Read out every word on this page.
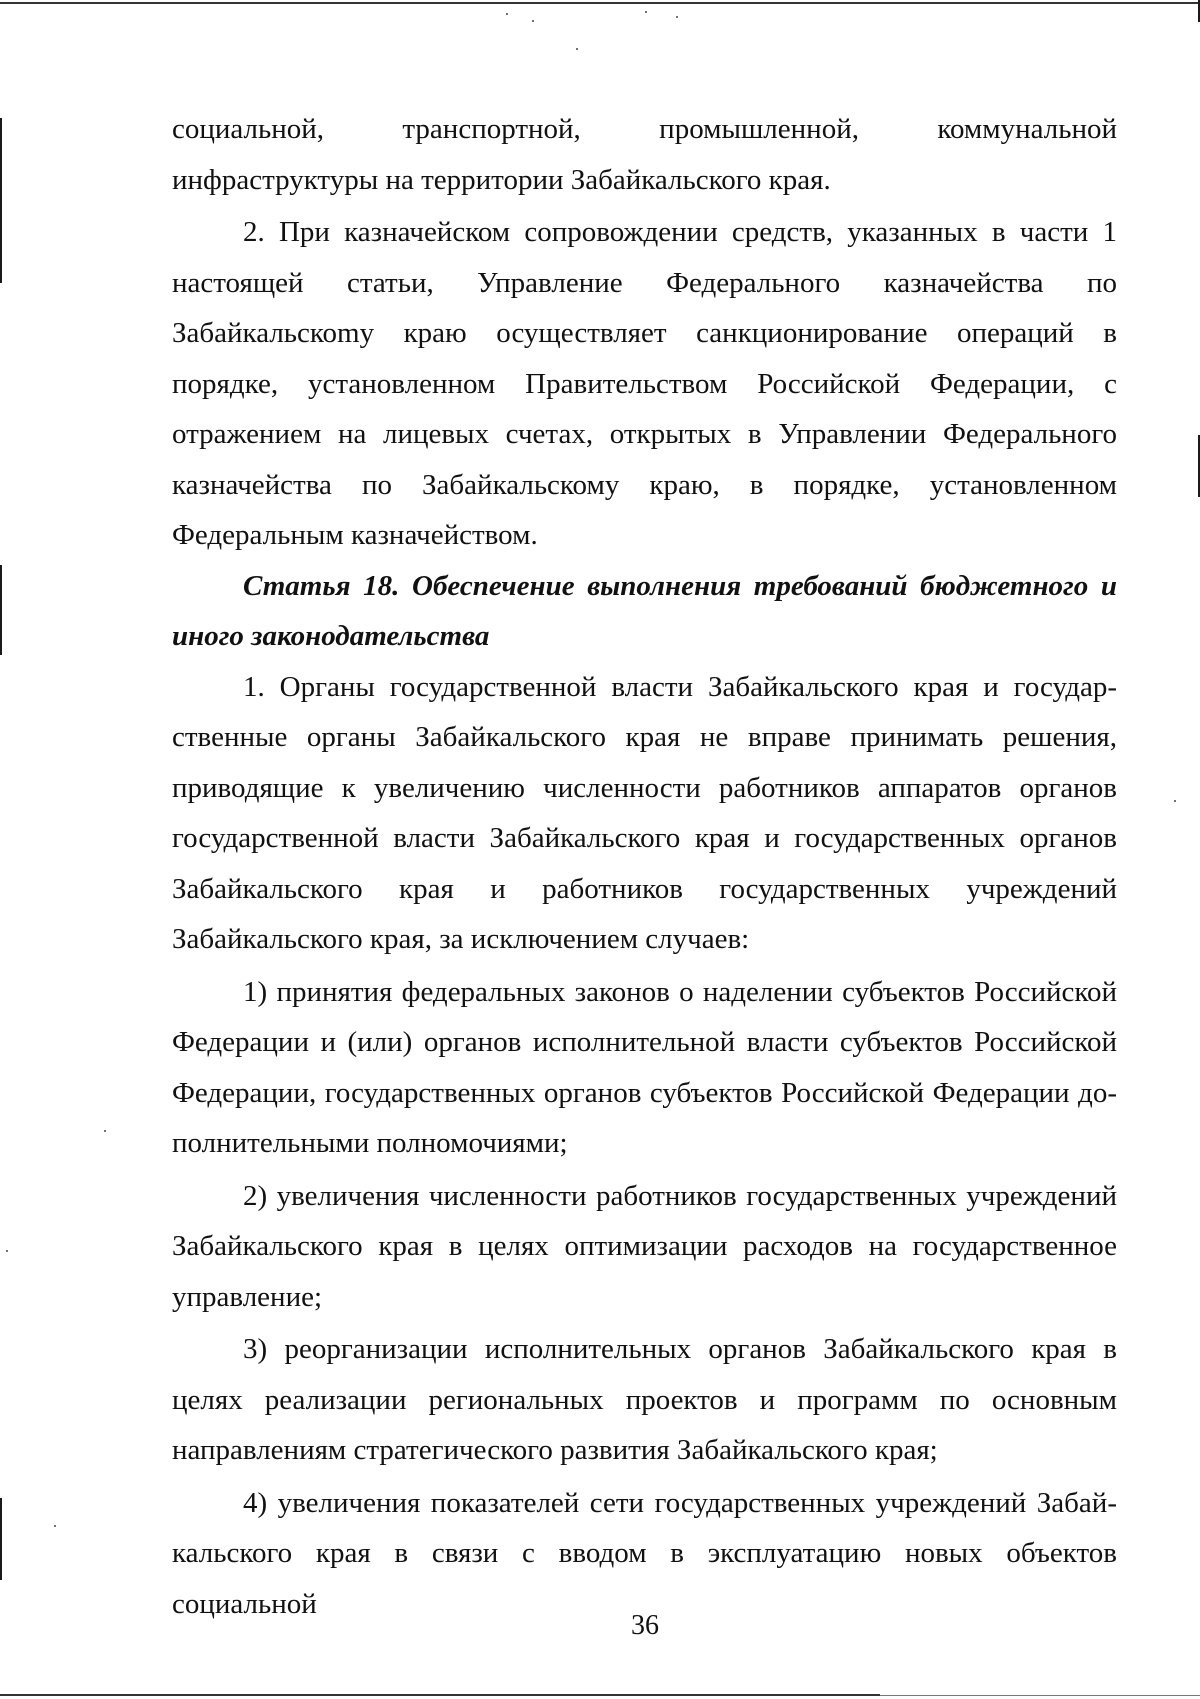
социальной, транспортной, промышленной, коммунальной инфраструктуры на территории Забайкальского края.

2. При казначейском сопровождении средств, указанных в части 1 настоящей статьи, Управление Федерального казначейства по Забайкальскоmу краю осуществляет санкционирование операций в порядке, установленном Правительством Российской Федерации, с отражением на лицевых счетах, открытых в Управлении Федерального казначейства по Забайкальскому краю, в порядке, установленном Федеральным казначейством.

Статья 18. Обеспечение выполнения требований бюджетного и иного законодательства

1. Органы государственной власти Забайкальского края и государственные органы Забайкальского края не вправе принимать решения, приводящие к увеличению численности работников аппаратов органов государственной власти Забайкальского края и государственных органов Забайкальского края и работников государственных учреждений Забайкальского края, за исключением случаев:

1) принятия федеральных законов о наделении субъектов Российской Федерации и (или) органов исполнительной власти субъектов Российской Федерации, государственных органов субъектов Российской Федерации дополнительными полномочиями;

2) увеличения численности работников государственных учреждений Забайкальского края в целях оптимизации расходов на государственное управление;

3) реорганизации исполнительных органов Забайкальского края в целях реализации региональных проектов и программ по основным направлениям стратегического развития Забайкальского края;

4) увеличения показателей сети государственных учреждений Забайкальского края в связи с вводом в эксплуатацию новых объектов социальной

36
